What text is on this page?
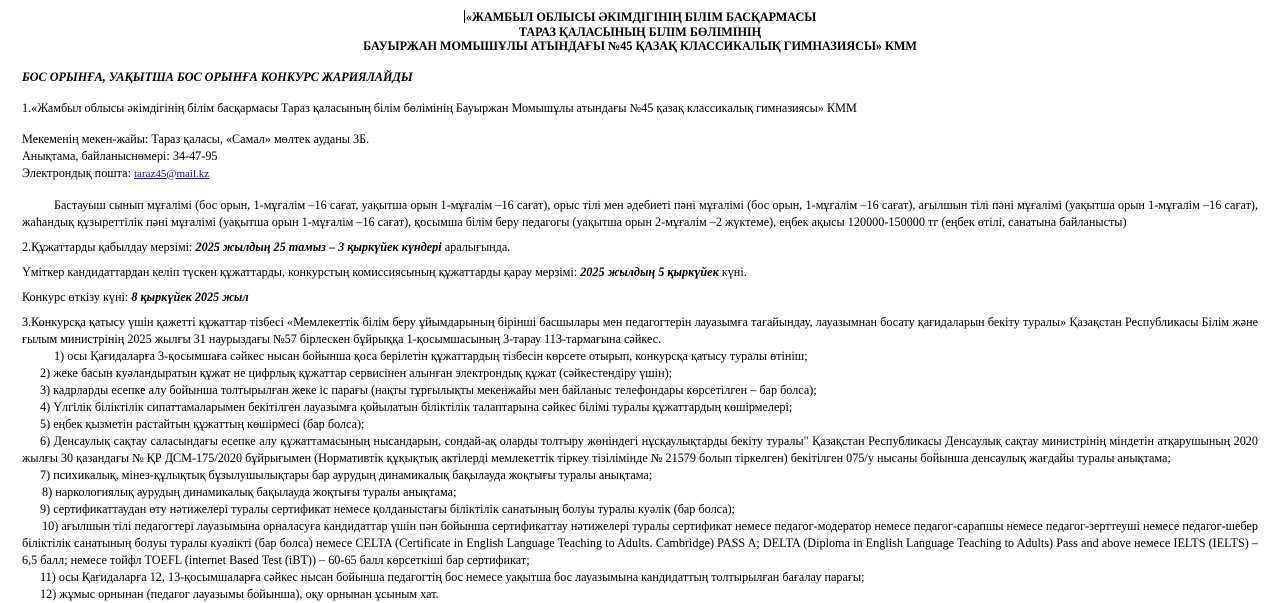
«ЖАМБЫЛ ОБЛЫСЫ ӘКІМДІГІНІҢ БІЛІМ БАСҚАРМАСЫ
ТАРАЗ ҚАЛАСЫНЫҢ БІЛІМ БӨЛІМІНІҢ
БАУЫРЖАН МОМЫШҰЛЫ АТЫНДАҒЫ №45 ҚАЗАҚ КЛАССИКАЛЫҚ ГИМНАЗИЯСЫ» КММ

БОС ОРЫНҒА, УАҚЫТША БОС ОРЫНҒА КОНКУРС ЖАРИЯЛАЙДЫ

1.«Жамбыл облысы әкімдігінің білім басқармасы Тараз қаласының білім бөлімінің Бауыржан Момышұлы атындағы №45 қазақ классикалық гимназиясы» КММ

Мекеменің мекен-жайы: Тараз қаласы, «Самал» мөлтек ауданы 3Б.

Анықтама, байланыснөмері: 34-47-95

Электрондық пошта: taraz45@mail.kz

Бастауыш сынып мұғалімі (бос орын, 1-мұғалім –16 сағат, уақытша орын 1-мұғалім –16 сағат), орыс тілі мен әдебиеті пәні мұғалімі (бос орын, 1-мұғалім –16 сағат), ағылшын тілі пәні мұғалімі (уақытша орын 1-мұғалім –16 сағат), жаһандық құзыреттілік пәні мұғалімі (уақытша орын 1-мұғалім –16 сағат), қосымша білім беру педагогы (уақытша орын 2-мұғалім –2 жүктеме), еңбек ақысы 120000-150000 тг (еңбек өтілі, санатына байланысты)

2.Құжаттарды қабылдау мерзімі: 2025 жылдың 25 тамыз – 3 қыркүйек күндері аралығында.

Үміткер кандидаттардан келіп түскен құжаттарды, конкурстың комиссиясының құжаттарды қарау мерзімі: 2025 жылдың 5 қыркүйек күні.

Конкурс өткізу күні: 8 қыркүйек 2025 жыл

3.Конкурсқа қатысу үшін қажетті құжаттар тізбесі «Мемлекеттік білім беру ұйымдарының бірінші басшылары мен педагогтерін лауазымға тағайындау, лауазымнан босату қағидаларын бекіту туралы» Қазақстан Республикасы Білім және ғылым министрінің 2025 жылғы 31 наурыздағы №57 бірлескен бұйрыққа 1-қосымшасының 3-тарау 113-тармағына сәйкес.

1) осы Қағидаларға 3-қосымшаға сәйкес нысан бойынша қоса берілетін құжаттардың тізбесін көрсете отырып, конкурсқа қатысу туралы өтініш;

2) жеке басын куәландыратын құжат не цифрлық құжаттар сервисінен алынған электрондық құжат (сәйкестендіру үшін);

3) кадрларды есепке алу бойынша толтырылған жеке іс парағы (нақты тұрғылықты мекенжайы мен байланыс телефондары көрсетілген – бар болса);

4) Үлгілік біліктілік сипаттамаларымен бекітілген лауазымға қойылатын біліктілік талаптарына сәйкес білімі туралы құжаттардың көшірмелері;

5) еңбек қызметін растайтын құжаттың көшірмесі (бар болса);

6) Денсаулық сақтау саласындағы есепке алу құжаттамасының нысандарын, сондай-ақ оларды толтыру жөніндегі нұсқаулықтарды бекіту туралы" Қазақстан Республикасы Денсаулық сақтау министрінің міндетін атқарушының 2020 жылғы 30 қазандағы № ҚР ДСМ-175/2020 бұйрығымен (Нормативтік құқықтық актілерді мемлекеттік тіркеу тізілімінде № 21579 болып тіркелген) бекітілген 075/у нысаны бойынша денсаулық жағдайы туралы анықтама;

7) психикалық, мінез-құлықтық бұзылушылықтары бар аурудың динамикалық бақылауда жоқтығы туралы анықтама;

8) наркологиялық аурудың динамикалық бақылауда жоқтығы туралы анықтама;

9) сертификаттаудан өту нәтижелері туралы сертификат немесе қолданыстағы біліктілік санатының болуы туралы куәлік (бар болса);

10) ағылшын тілі педагогтері лауазымына орналасуға кандидаттар үшін пән бойынша сертификаттау нәтижелері туралы сертификат немесе педагог-модератор немесе педагог-сарапшы немесе педагог-зерттеуші немесе педагог-шебер біліктілік санатының болуы туралы куәлікті (бар болса) немесе CELTA (Certificate in English Language Teaching to Adults. Cambridge) PASS A; DELTA (Diploma in English Language Teaching to Adults) Pass and above немесе IELTS (IELTS) – 6,5 балл; немесе тойфл TOEFL (internet Based Test (iBT)) – 60-65 балл көрсеткіші бар сертификат;

11) осы Қағидаларға 12, 13-қосымшаларға сәйкес нысан бойынша педагогтің бос немесе уақытша бос лауазымына кандидаттың толтырылған бағалау парағы;

12) жұмыс орнынан (педагог лауазымы бойынша), оқу орнынан ұсыным хат.
